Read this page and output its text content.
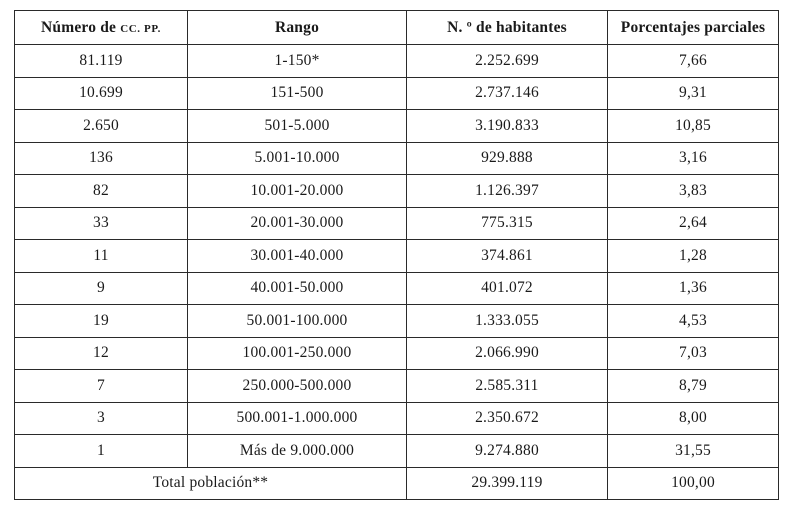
Número de CC. PP.	Rango	N. º de habitantes	Porcentajes parciales
81.119	1-150*	2.252.699	7,66
10.699	151-500	2.737.146	9,31
2.650	501-5.000	3.190.833	10,85
136	5.001-10.000	929.888	3,16
82	10.001-20.000	1.126.397	3,83
33	20.001-30.000	775.315	2,64
11	30.001-40.000	374.861	1,28
9	40.001-50.000	401.072	1,36
19	50.001-100.000	1.333.055	4,53
12	100.001-250.000	2.066.990	7,03
7	250.000-500.000	2.585.311	8,79
3	500.001-1.000.000	2.350.672	8,00
1	Más de 9.000.000	9.274.880	31,55
Total población**		29.399.119	100,00
